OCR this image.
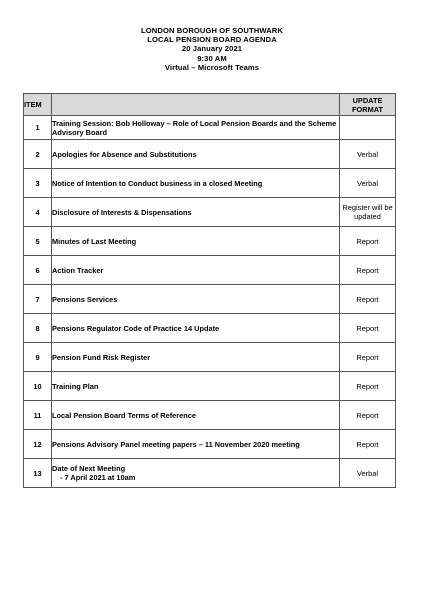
LONDON BOROUGH OF SOUTHWARK
LOCAL PENSION BOARD AGENDA
20 January 2021
9:30 AM
Virtual – Microsoft Teams
ITEM		UPDATE
FORMAT

1	Training Session: Bob Holloway – Role of Local Pension Boards and the Scheme Advisory Board	
2	Apologies for Absence and Substitutions	Verbal
3	Notice of Intention to Conduct business in a closed Meeting	Verbal
4	Disclosure of Interests & Dispensations	Register will be updated
5	Minutes of Last Meeting	Report
6	Action Tracker	Report
7	Pensions Services	Report
8	Pensions Regulator Code of Practice 14 Update	Report
9	Pension Fund Risk Register	Report
10	Training Plan	Report
11	Local Pension Board Terms of Reference	Report
12	Pensions Advisory Panel meeting papers – 11 November 2020 meeting	Report
13	Date of Next Meeting
- 7 April 2021 at 10am	Verbal
